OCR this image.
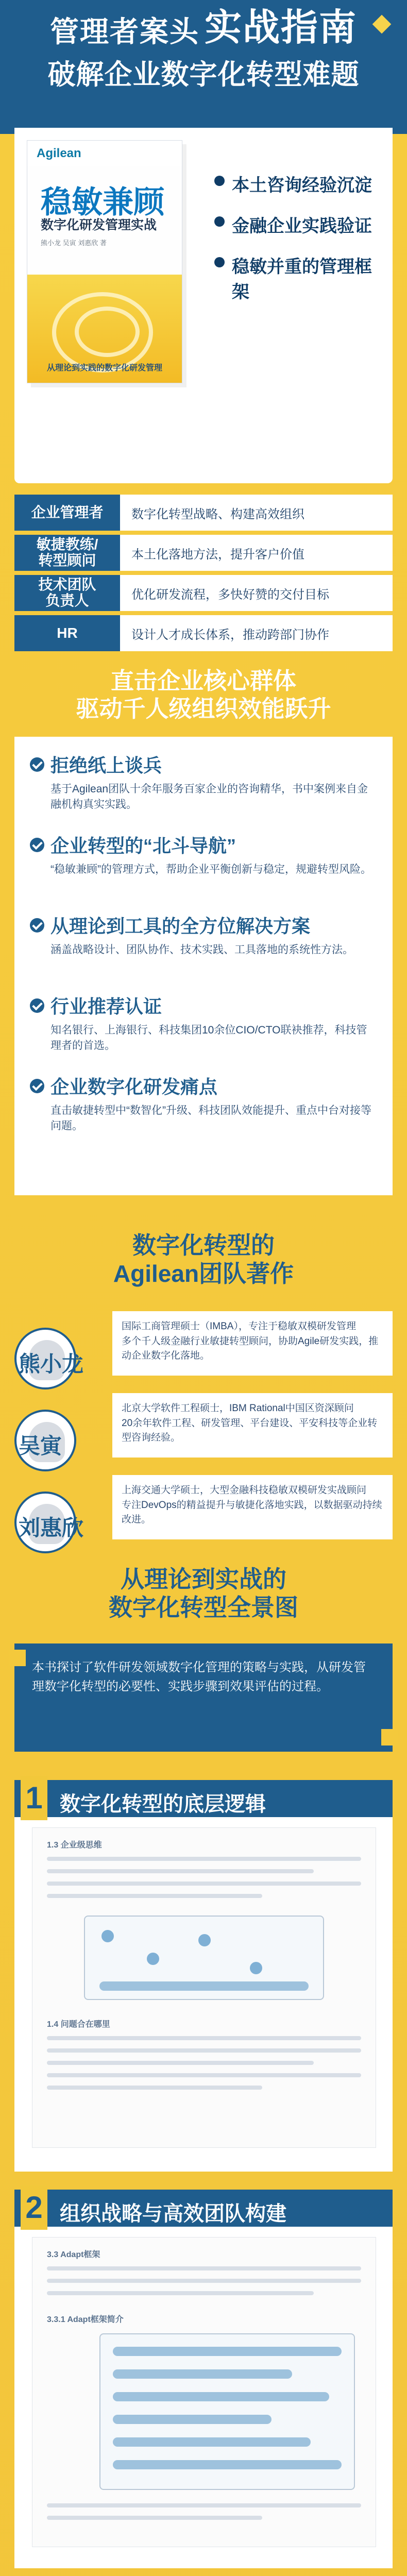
管理者案头 实战指南
破解企业数字化转型难题
Agilean
稳敏兼顾
数字化研发管理实战
熊小龙 吴寅 刘惠欣 著
从理论到实践的数字化研发管理
本土咨询经验沉淀
金融企业实践验证
稳敏并重的管理框架
企业管理者	数字化转型战略、构建高效组织
敏捷教练/
转型顾问	本土化落地方法，提升客户价值
技术团队
负责人	优化研发流程，多快好赞的交付目标
HR	设计人才成长体系，推动跨部门协作
直击企业核心群体
驱动千人级组织效能跃升
拒绝纸上谈兵
基于Agilean团队十余年服务百家企业的咨询精华，书中案例来自金融机构真实实践。
企业转型的“北斗导航”
“稳敏兼顾”的管理方式，帮助企业平衡创新与稳定，规避转型风险。
从理论到工具的全方位解决方案
涵盖战略设计、团队协作、技术实践、工具落地的系统性方法。
行业推荐认证
知名银行、上海银行、科技集团10余位CIO/CTO联袂推荐，科技管理者的首选。
企业数字化研发痛点
直击敏捷转型中“数智化”升级、科技团队效能提升、重点中台对接等问题。
数字化转型的
Agilean团队著作
熊小龙
国际工商管理硕士（IMBA），专注于稳敏双模研发管理
多个千人级金融行业敏捷转型顾问，协助Agile研发实践，推动企业数字化落地。
吴寅
北京大学软件工程硕士，IBM Rational中国区资深顾问
20余年软件工程、研发管理、平台建设、平安科技等企业转型咨询经验。
刘惠欣
上海交通大学硕士，大型金融科技稳敏双模研发实战顾问
专注DevOps的精益提升与敏捷化落地实践，以数据驱动持续改进。
从理论到实战的
数字化转型全景图
本书探讨了软件研发领域数字化管理的策略与实践，从研发管理数字化转型的必要性、实践步骤到效果评估的过程。
1 数字化转型的底层逻辑
1.3 企业级思维
1.4 问题合在哪里
2 组织战略与高效团队构建
3.3 Adapt框架
3.3.1 Adapt框架简介
